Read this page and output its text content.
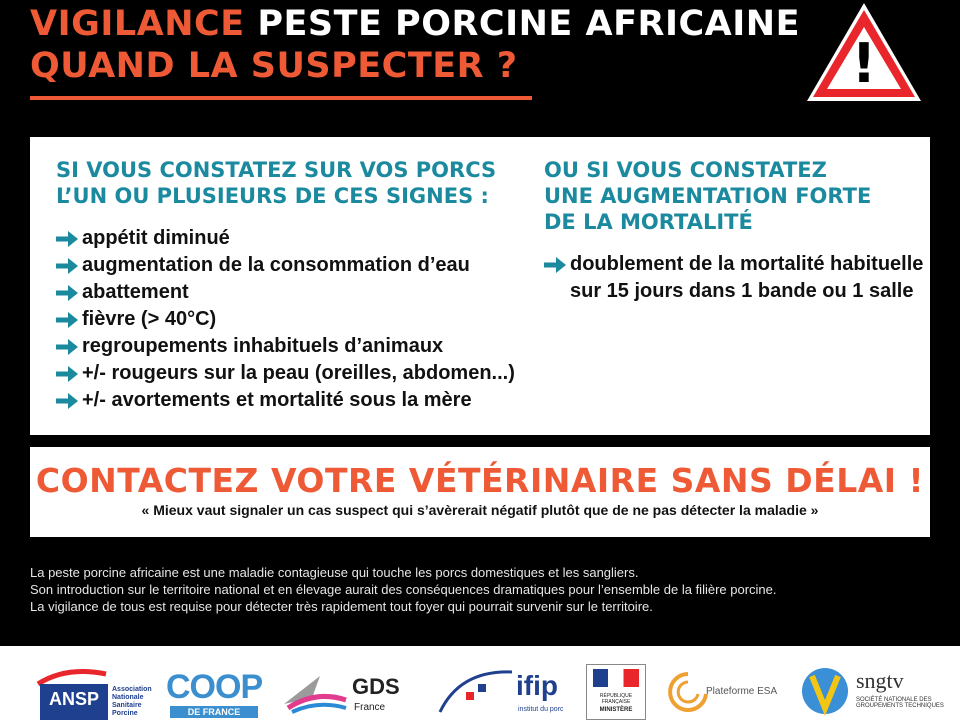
VIGILANCE PESTE PORCINE AFRICAINE
QUAND LA SUSPECTER ?	!
SI VOUS CONSTATEZ SUR VOS PORCS
L’UN OU PLUSIEURS DE CES SIGNES :
appétit diminué
augmentation de la consommation d’eau
abattement
fièvre (> 40°C)
regroupements inhabituels d’animaux
+/- rougeurs sur la peau (oreilles, abdomen...)
+/- avortements et mortalité sous la mère
OU SI VOUS CONSTATEZ
UNE AUGMENTATION FORTE
DE LA MORTALITÉ
doublement de la mortalité habituelle
sur 15 jours dans 1 bande ou 1 salle
CONTACTEZ VOTRE VÉTÉRINAIRE SANS DÉLAI !
« Mieux vaut signaler un cas suspect qui s’avèrerait négatif plutôt que de ne pas détecter la maladie »
La peste porcine africaine est une maladie contagieuse qui touche les porcs domestiques et les sangliers.
Son introduction sur le territoire national et en élevage aurait des conséquences dramatiques pour l’ensemble de la filière porcine.
La vigilance de tous est requise pour détecter très rapidement tout foyer qui pourrait survenir sur le territoire.
ANSP	Association
Nationale
Sanitaire
Porcine
COOP
DE FRANCE
GDS
France
ifip
institut du porc
RÉPUBLIQUE FRANÇAISE
MINISTÈRE
Plateforme ESA	sngtv
SOCIÉTÉ NATIONALE DES
GROUPEMENTS TECHNIQUES
